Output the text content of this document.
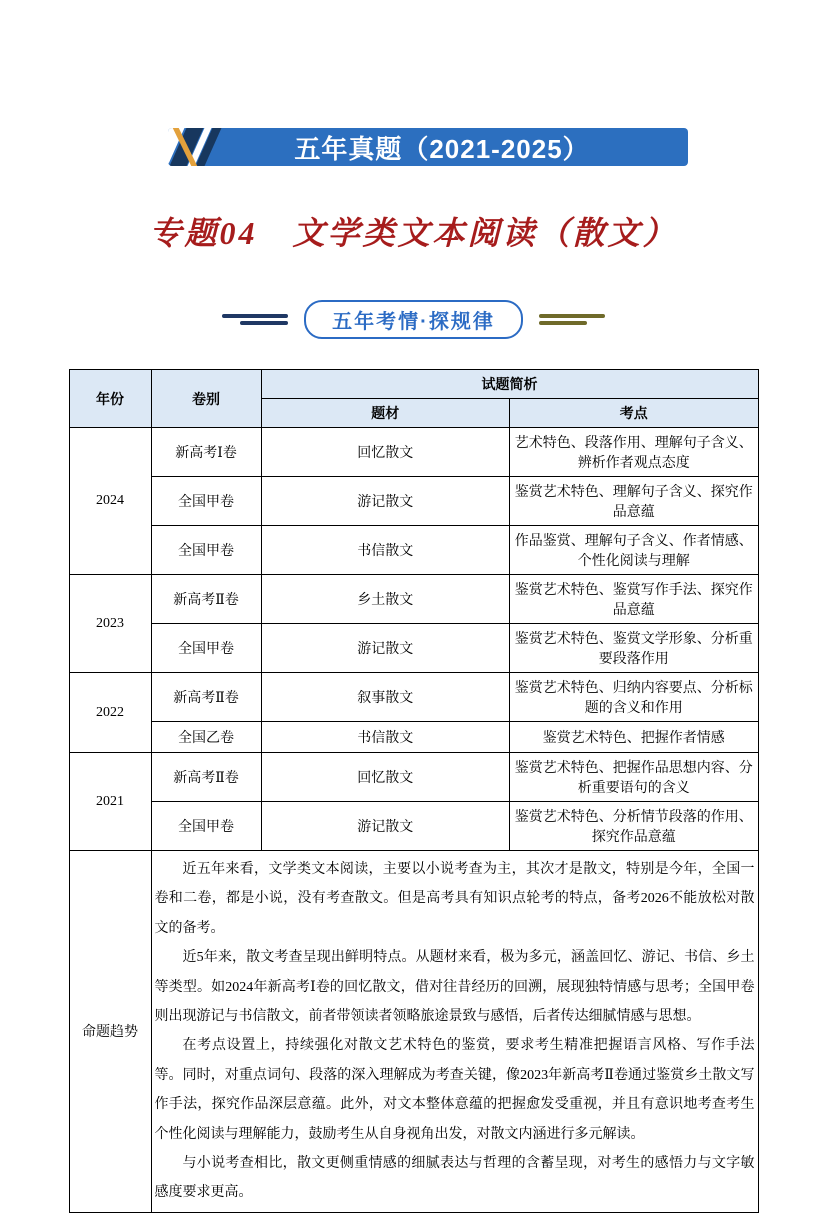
五年真题（2021-2025）
专题04　文学类文本阅读（散文）
五年考情·探规律
年份	卷别	试题简析	
		题材	考点
2024	新高考Ⅰ卷	回忆散文	艺术特色、段落作用、理解句子含义、辨析作者观点态度
	全国甲卷	游记散文	鉴赏艺术特色、理解句子含义、探究作品意蕴
	全国甲卷	书信散文	作品鉴赏、理解句子含义、作者情感、个性化阅读与理解
2023	新高考Ⅱ卷	乡土散文	鉴赏艺术特色、鉴赏写作手法、探究作品意蕴
	全国甲卷	游记散文	鉴赏艺术特色、鉴赏文学形象、分析重要段落作用
2022	新高考Ⅱ卷	叙事散文	鉴赏艺术特色、归纳内容要点、分析标题的含义和作用
	全国乙卷	书信散文	鉴赏艺术特色、把握作者情感
2021	新高考Ⅱ卷	回忆散文	鉴赏艺术特色、把握作品思想内容、分析重要语句的含义
	全国甲卷	游记散文	鉴赏艺术特色、分析情节段落的作用、探究作品意蕴
命题趋势	近五年来看，文学类文本阅读，主要以小说考查为主，其次才是散文，特别是今年，全国一卷和二卷，都是小说，没有考查散文。但是高考具有知识点轮考的特点，备考2026不能放松对散文的备考。

近5年来，散文考查呈现出鲜明特点。从题材来看，极为多元，涵盖回忆、游记、书信、乡土等类型。如2024年新高考Ⅰ卷的回忆散文，借对往昔经历的回溯，展现独特情感与思考；全国甲卷则出现游记与书信散文，前者带领读者领略旅途景致与感悟，后者传达细腻情感与思想。

在考点设置上，持续强化对散文艺术特色的鉴赏，要求考生精准把握语言风格、写作手法等。同时，对重点词句、段落的深入理解成为考查关键，像2023年新高考Ⅱ卷通过鉴赏乡土散文写作手法，探究作品深层意蕴。此外，对文本整体意蕴的把握愈发受重视，并且有意识地考查考生个性化阅读与理解能力，鼓励考生从自身视角出发，对散文内涵进行多元解读。

与小说考查相比，散文更侧重情感的细腻表达与哲理的含蓄呈现，对考生的感悟力与文字敏感度要求更高。		
